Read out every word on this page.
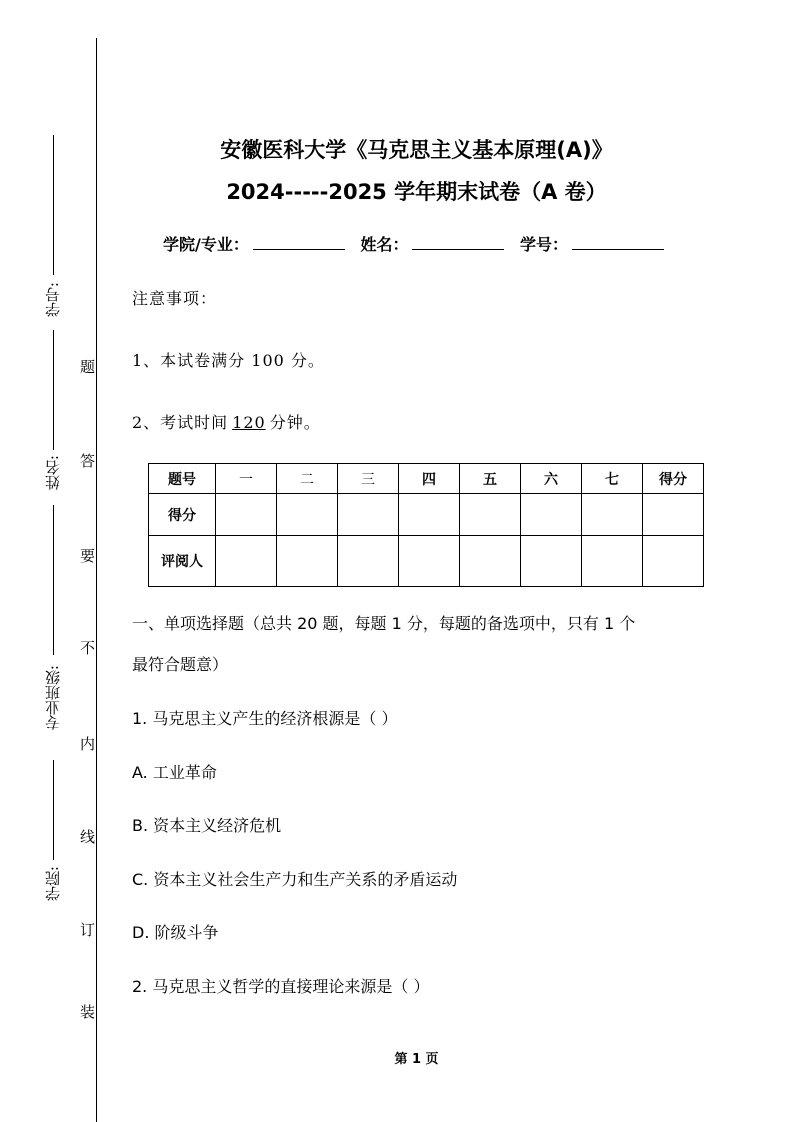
学号:
姓名:
专业班级:
学院:
题
答
要
不
内
线
订
装
安徽医科大学《马克思主义基本原理(A)》
2024-----2025 学年期末试卷（A 卷）
学院/专业：	姓名：	学号：
注意事项：
1、本试卷满分 100 分。
2、考试时间 120 分钟。
题号	一	二	三	四	五	六	七	得分
得分								
评阅人								
一、单项选择题（总共 20 题，每题 1 分，每题的备选项中，只有 1 个
最符合题意）
1. 马克思主义产生的经济根源是（ ）
A. 工业革命
B. 资本主义经济危机
C. 资本主义社会生产力和生产关系的矛盾运动
D. 阶级斗争
2. 马克思主义哲学的直接理论来源是（ ）
第 1 页
